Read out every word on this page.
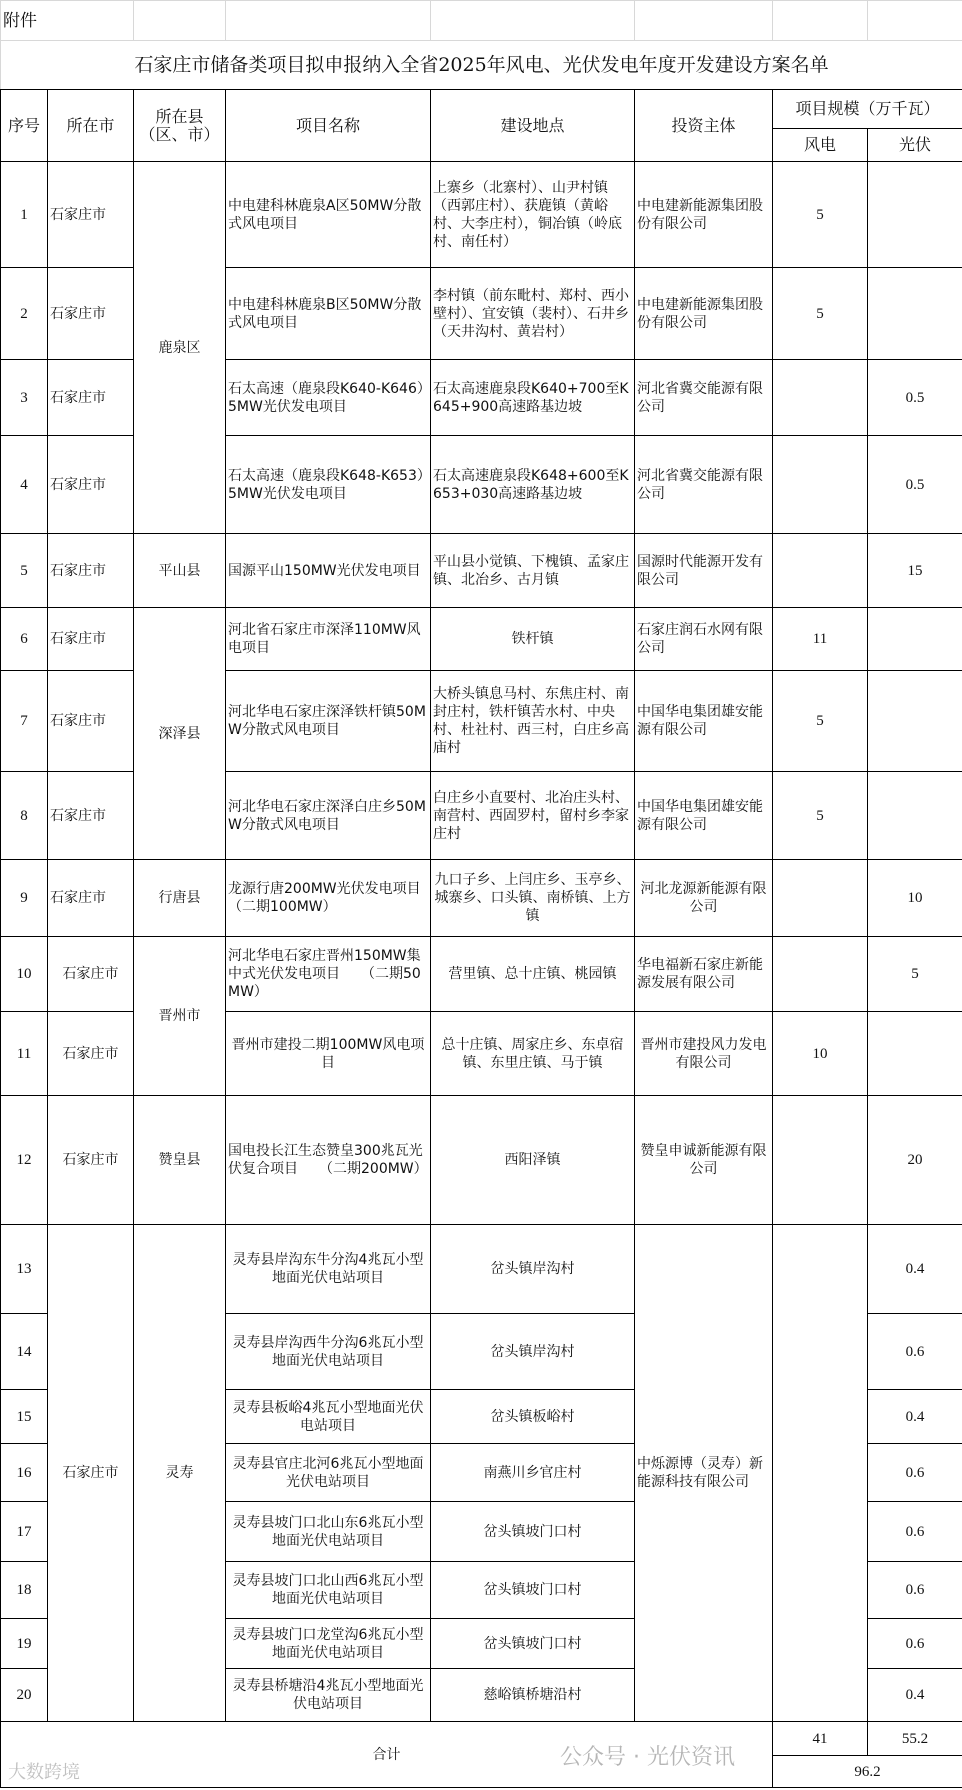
附件							
石家庄市储备类项目拟申报纳入全省2025年风电、光伏发电年度开发建设方案名单							
序号	所在市	所在县（区、市）	项目名称	建设地点	投资主体	项目规模（万千瓦）	
						风电	光伏
1	石家庄市	鹿泉区	中电建科林鹿泉A区50MW分散式风电项目	上寨乡（北寨村）、山尹村镇（西郭庄村）、获鹿镇（黄峪村、大李庄村），铜冶镇（岭底村、南任村）	中电建新能源集团股份有限公司	5	
2	石家庄市		中电建科林鹿泉B区50MW分散式风电项目	李村镇（前东毗村、郑村、西小壁村）、宜安镇（裴村）、石井乡（天井沟村、黄岩村）	中电建新能源集团股份有限公司	5	
3	石家庄市		石太高速（鹿泉段K640-K646）5MW光伏发电项目	石太高速鹿泉段K640+700至K645+900高速路基边坡	河北省冀交能源有限公司		0.5
4	石家庄市		石太高速（鹿泉段K648-K653）5MW光伏发电项目	石太高速鹿泉段K648+600至K653+030高速路基边坡	河北省冀交能源有限公司		0.5
5	石家庄市	平山县	国源平山150MW光伏发电项目	平山县小觉镇、下槐镇、孟家庄镇、北冶乡、古月镇	国源时代能源开发有限公司		15
6	石家庄市	深泽县	河北省石家庄市深泽110MW风电项目	铁杆镇	石家庄润石水网有限公司	11	
7	石家庄市		河北华电石家庄深泽铁杆镇50MW分散式风电项目	大桥头镇息马村、东焦庄村、南封庄村，铁杆镇苦水村、中央村、杜社村、西三村，白庄乡高庙村	中国华电集团雄安能源有限公司	5	
8	石家庄市		河北华电石家庄深泽白庄乡50MW分散式风电项目	白庄乡小直要村、北冶庄头村、南营村、西固罗村，留村乡李家庄村	中国华电集团雄安能源有限公司	5	
9	石家庄市	行唐县	龙源行唐200MW光伏发电项目（二期100MW）	九口子乡、上闫庄乡、玉亭乡、城寨乡、口头镇、南桥镇、上方镇	河北龙源新能源有限公司		10
10	石家庄市	晋州市	河北华电石家庄晋州150MW集中式光伏发电项目　　（二期50MW）	营里镇、总十庄镇、桃园镇	华电福新石家庄新能源发展有限公司		5
11	石家庄市		晋州市建投二期100MW风电项目	总十庄镇、周家庄乡、东卓宿镇、东里庄镇、马于镇	晋州市建投风力发电有限公司	10	
12	石家庄市	赞皇县	国电投长江生态赞皇300兆瓦光伏复合项目　　（二期200MW）	西阳泽镇	赞皇申诚新能源有限公司		20
13	石家庄市	灵寿	灵寿县岸沟东牛分沟4兆瓦小型地面光伏电站项目	岔头镇岸沟村	中烁源博（灵寿）新能源科技有限公司		0.4
14			灵寿县岸沟西牛分沟6兆瓦小型地面光伏电站项目	岔头镇岸沟村			0.6
15			灵寿县板峪4兆瓦小型地面光伏电站项目	岔头镇板峪村			0.4
16			灵寿县官庄北河6兆瓦小型地面光伏电站项目	南燕川乡官庄村			0.6
17			灵寿县坡门口北山东6兆瓦小型地面光伏电站项目	岔头镇坡门口村			0.6
18			灵寿县坡门口北山西6兆瓦小型地面光伏电站项目	岔头镇坡门口村			0.6
19			灵寿县坡门口龙堂沟6兆瓦小型地面光伏电站项目	岔头镇坡门口村			0.6
20			灵寿县桥塘沿4兆瓦小型地面光伏电站项目	慈峪镇桥塘沿村			0.4
合计						41	55.2
						96.2	
公众号 · 光伏资讯
大数跨境
